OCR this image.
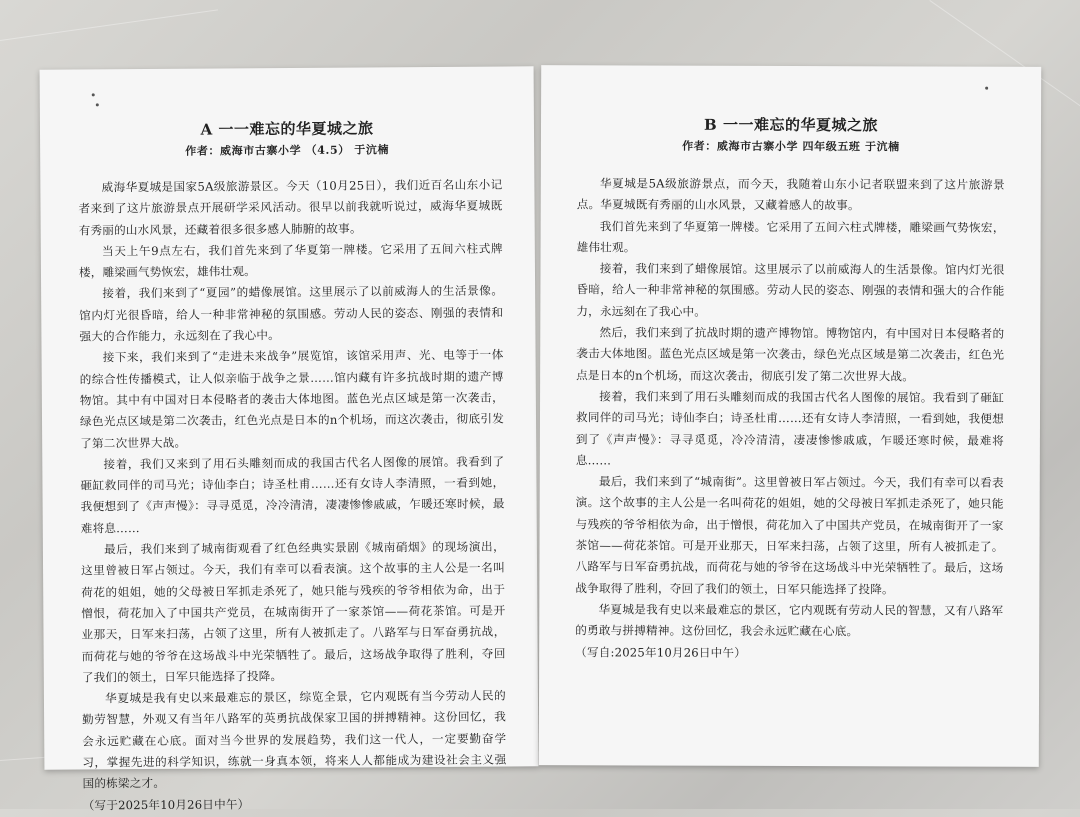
A 一一难忘的华夏城之旅
作者：威海市古寨小学 （4.5） 于沆楠

威海华夏城是国家5A级旅游景区。今天（10月25日），我们近百名山东小记者来到了这片旅游景点开展研学采风活动。很早以前我就听说过，威海华夏城既有秀丽的山水风景，还藏着很多很多感人肺腑的故事。

当天上午9点左右，我们首先来到了华夏第一牌楼。它采用了五间六柱式牌楼，雕梁画气势恢宏，雄伟壮观。

接着，我们来到了“夏园”的蜡像展馆。这里展示了以前威海人的生活景像。馆内灯光很昏暗，给人一种非常神秘的氛围感。劳动人民的姿态、刚强的表情和强大的合作能力，永远刻在了我心中。

接下来，我们来到了“走进未来战争”展览馆，该馆采用声、光、电等于一体的综合性传播模式，让人似亲临于战争之景……馆内藏有许多抗战时期的遗产博物馆。其中有中国对日本侵略者的袭击大体地图。蓝色光点区域是第一次袭击，绿色光点区域是第二次袭击，红色光点是日本的n个机场，而这次袭击，彻底引发了第二次世界大战。

接着，我们又来到了用石头雕刻而成的我国古代名人图像的展馆。我看到了砸缸救同伴的司马光；诗仙李白；诗圣杜甫……还有女诗人李清照，一看到她，我便想到了《声声慢》：寻寻觅觅，冷冷清清，凄凄惨惨戚戚，乍暖还寒时候，最难将息……

最后，我们来到了城南街观看了红色经典实景剧《城南硝烟》的现场演出，这里曾被日军占领过。今天，我们有幸可以看表演。这个故事的主人公是一名叫荷花的姐姐，她的父母被日军抓走杀死了，她只能与残疾的爷爷相依为命，出于憎恨，荷花加入了中国共产党员，在城南街开了一家茶馆——荷花茶馆。可是开业那天，日军来扫荡，占领了这里，所有人被抓走了。八路军与日军奋勇抗战，而荷花与她的爷爷在这场战斗中光荣牺牲了。最后，这场战争取得了胜利，夺回了我们的领土，日军只能选择了投降。

华夏城是我有史以来最难忘的景区，综览全景，它内观既有当今劳动人民的勤劳智慧，外观又有当年八路军的英勇抗战保家卫国的拼搏精神。这份回忆，我会永远贮藏在心底。面对当今世界的发展趋势，我们这一代人，一定要勤奋学习，掌握先进的科学知识，练就一身真本领，将来人人都能成为建设社会主义强国的栋梁之才。

（写于2025年10月26日中午）

B 一一难忘的华夏城之旅
作者：威海市古寨小学 四年级五班 于沆楠

华夏城是5A级旅游景点，而今天，我随着山东小记者联盟来到了这片旅游景点。华夏城既有秀丽的山水风景，又藏着感人的故事。

我们首先来到了华夏第一牌楼。它采用了五间六柱式牌楼，雕梁画气势恢宏，雄伟壮观。

接着，我们来到了蜡像展馆。这里展示了以前威海人的生活景像。馆内灯光很昏暗，给人一种非常神秘的氛围感。劳动人民的姿态、刚强的表情和强大的合作能力，永远刻在了我心中。

然后，我们来到了抗战时期的遗产博物馆。博物馆内，有中国对日本侵略者的袭击大体地图。蓝色光点区域是第一次袭击，绿色光点区域是第二次袭击，红色光点是日本的n个机场，而这次袭击，彻底引发了第二次世界大战。

接着，我们来到了用石头雕刻而成的我国古代名人图像的展馆。我看到了砸缸救同伴的司马光；诗仙李白；诗圣杜甫……还有女诗人李清照，一看到她，我便想到了《声声慢》：寻寻觅觅，冷冷清清，凄凄惨惨戚戚，乍暖还寒时候，最难将息……

最后，我们来到了“城南街”。这里曾被日军占领过。今天，我们有幸可以看表演。这个故事的主人公是一名叫荷花的姐姐，她的父母被日军抓走杀死了，她只能与残疾的爷爷相依为命，出于憎恨，荷花加入了中国共产党员，在城南街开了一家茶馆——荷花茶馆。可是开业那天，日军来扫荡，占领了这里，所有人被抓走了。八路军与日军奋勇抗战，而荷花与她的爷爷在这场战斗中光荣牺牲了。最后，这场战争取得了胜利，夺回了我们的领土，日军只能选择了投降。

华夏城是我有史以来最难忘的景区，它内观既有劳动人民的智慧，又有八路军的勇敢与拼搏精神。这份回忆，我会永远贮藏在心底。

（写自:2025年10月26日中午）
